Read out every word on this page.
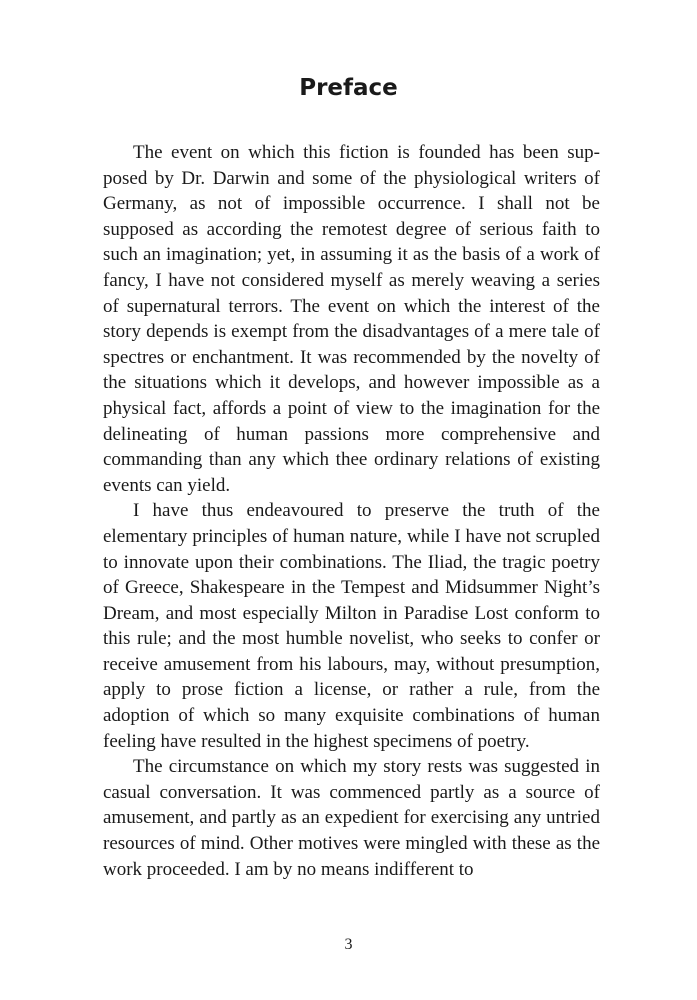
Preface

The event on which this fiction is founded has been supposed by Dr. Darwin and some of the physiological writers of Germany, as not of impossible occurrence. I shall not be supposed as according the remotest degree of serious faith to such an imagination; yet, in assuming it as the basis of a work of fancy, I have not considered myself as merely weaving a series of supernatural terrors. The event on which the interest of the story depends is exempt from the disadvantages of a mere tale of spectres or enchantment. It was recommended by the novelty of the situations which it develops, and however impossible as a physical fact, affords a point of view to the imagination for the delineating of human passions more comprehensive and commanding than any which thee ordinary relations of existing events can yield.

I have thus endeavoured to preserve the truth of the elementary principles of human nature, while I have not scrupled to innovate upon their combinations. The Iliad, the tragic poetry of Greece, Shakespeare in the Tempest and Midsummer Night’s Dream, and most especially Milton in Paradise Lost conform to this rule; and the most humble novelist, who seeks to confer or receive amusement from his labours, may, without presumption, apply to prose fiction a license, or rather a rule, from the adoption of which so many exquisite combinations of human feeling have resulted in the highest specimens of poetry.

The circumstance on which my story rests was suggested in casual conversation. It was commenced partly as a source of amusement, and partly as an expedient for exercising any untried resources of mind. Other motives were mingled with these as the work proceeded. I am by no means indifferent to

3
